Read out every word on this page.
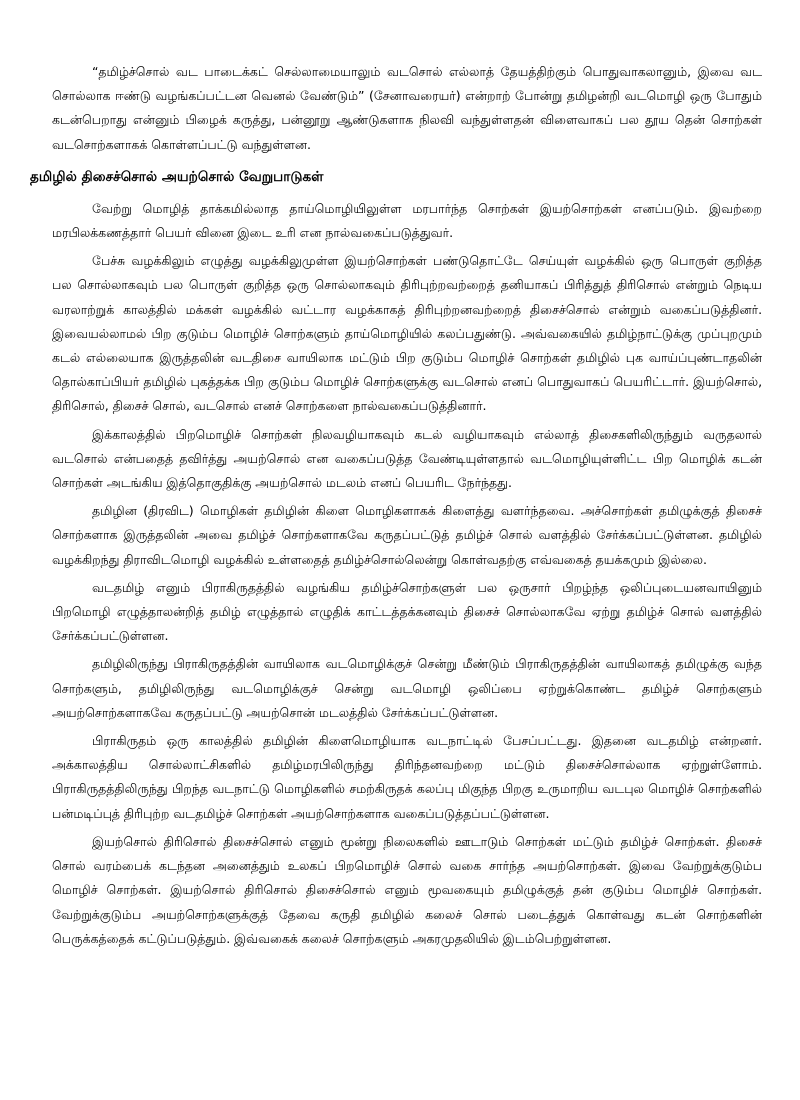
“தமிழ்ச்சொல் வட பாடைக்கட் செல்லாமையாலும் வடசொல் எல்லாத் தேயத்திற்கும் பொதுவாகலானும், இவை வட சொல்லாக ஈண்டு வழங்கப்பட்டன வெனல் வேண்டும்” (சேனாவரையர்) என்றாற் போன்று தமிழன்றி வடமொழி ஒரு போதும் கடன்பெறாது என்னும் பிழைக் கருத்து, பன்னூறு ஆண்டுகளாக நிலவி வந்துள்ளதன் விளைவாகப் பல தூய தென் சொற்கள் வடசொற்களாகக் கொள்ளப்பட்டு வந்துள்ளன.

தமிழில் திசைச்சொல் அயற்சொல் வேறுபாடுகள்

வேற்று மொழித் தாக்கமில்லாத தாய்மொழியிலுள்ள மரபார்ந்த சொற்கள் இயற்சொற்கள் எனப்படும். இவற்றை மரபிலக்கணத்தார் பெயர் வினை இடை உரி என நால்வகைப்படுத்துவர்.

பேச்சு வழக்கிலும் எழுத்து வழக்கிலுமுள்ள இயற்சொற்கள் பண்டுதொட்டே செய்யுள் வழக்கில் ஒரு பொருள் குறித்த பல சொல்லாகவும் பல பொருள் குறித்த ஒரு சொல்லாகவும் திரிபுற்றவற்றைத் தனியாகப் பிரித்துத் திரிசொல் என்றும் நெடிய வரலாற்றுக் காலத்தில் மக்கள் வழக்கில் வட்டார வழக்காகத் திரிபுற்றனவற்றைத் திசைச்சொல் என்றும் வகைப்படுத்தினர். இவையல்லாமல் பிற குடும்ப மொழிச் சொற்களும் தாய்மொழியில் கலப்பதுண்டு. அவ்வகையில் தமிழ்நாட்டுக்கு முப்புறமும் கடல் எல்லையாக இருத்தலின் வடதிசை வாயிலாக மட்டும் பிற குடும்ப மொழிச் சொற்கள் தமிழில் புக வாய்ப்புண்டாதலின் தொல்காப்பியர் தமிழில் புகத்தக்க பிற குடும்ப மொழிச் சொற்களுக்கு வடசொல் எனப் பொதுவாகப் பெயரிட்டார். இயற்சொல், திரிசொல், திசைச் சொல், வடசொல் எனச் சொற்களை நால்வகைப்படுத்தினார்.

இக்காலத்தில் பிறமொழிச் சொற்கள் நிலவழியாகவும் கடல் வழியாகவும் எல்லாத் திசைகளிலிருந்தும் வருதலால் வடசொல் என்பதைத் தவிர்த்து அயற்சொல் என வகைப்படுத்த வேண்டியுள்ளதால் வடமொழியுள்ளிட்ட பிற மொழிக் கடன் சொற்கள் அடங்கிய இத்தொகுதிக்கு அயற்சொல் மடலம் எனப் பெயரிட நேர்ந்தது.

தமிழின (திரவிட) மொழிகள் தமிழின் கிளை மொழிகளாகக் கிளைத்து வளர்ந்தவை. அச்சொற்கள் தமிழுக்குத் திசைச் சொற்களாக இருத்தலின் அவை தமிழ்ச் சொற்களாகவே கருதப்பட்டுத் தமிழ்ச் சொல் வளத்தில் சேர்க்கப்பட்டுள்ளன. தமிழில் வழக்கிறந்து திராவிடமொழி வழக்கில் உள்ளதைத் தமிழ்ச்சொல்லென்று கொள்வதற்கு எவ்வகைத் தயக்கமும் இல்லை.

வடதமிழ் எனும் பிராகிருதத்தில் வழங்கிய தமிழ்ச்சொற்களுள் பல ஒருசார் பிறழ்ந்த ஒலிப்புடையனவாயினும் பிறமொழி எழுத்தாலன்றித் தமிழ் எழுத்தால் எழுதிக் காட்டத்தக்கனவும் திசைச் சொல்லாகவே ஏற்று தமிழ்ச் சொல் வளத்தில் சேர்க்கப்பட்டுள்ளன.

தமிழிலிருந்து பிராகிருதத்தின் வாயிலாக வடமொழிக்குச் சென்று மீண்டும் பிராகிருதத்தின் வாயிலாகத் தமிழுக்கு வந்த சொற்களும், தமிழிலிருந்து வடமொழிக்குச் சென்று வடமொழி ஒலிப்பை ஏற்றுக்கொண்ட தமிழ்ச் சொற்களும் அயற்சொற்களாகவே கருதப்பட்டு அயற்சொன் மடலத்தில் சேர்க்கப்பட்டுள்ளன.

பிராகிருதம் ஒரு காலத்தில் தமிழின் கிளைமொழியாக வடநாட்டில் பேசப்பட்டது. இதனை வடதமிழ் என்றனர். அக்காலத்திய சொல்லாட்சிகளில் தமிழ்மரபிலிருந்து திரிந்தனவற்றை மட்டும் திசைச்சொல்லாக ஏற்றுள்ளோம். பிராகிருதத்திலிருந்து பிறந்த வடநாட்டு மொழிகளில் சமற்கிருதக் கலப்பு மிகுந்த பிறகு உருமாறிய வடபுல மொழிச் சொற்களில் பன்மடிப்புத் திரிபுற்ற வடதமிழ்ச் சொற்கள் அயற்சொற்களாக வகைப்படுத்தப்பட்டுள்ளன.

இயற்சொல் திரிசொல் திசைச்சொல் எனும் மூன்று நிலைகளில் ஊடாடும் சொற்கள் மட்டும் தமிழ்ச் சொற்கள். திசைச் சொல் வரம்பைக் கடந்தன அனைத்தும் உலகப் பிறமொழிச் சொல் வகை சார்ந்த அயற்சொற்கள். இவை வேற்றுக்குடும்ப மொழிச் சொற்கள். இயற்சொல் திரிசொல் திசைச்சொல் எனும் மூவகையும் தமிழுக்குத் தன் குடும்ப மொழிச் சொற்கள். வேற்றுக்குடும்ப அயற்சொற்களுக்குத் தேவை கருதி தமிழில் கலைச் சொல் படைத்துக் கொள்வது கடன் சொற்களின் பெருக்கத்தைக் கட்டுப்படுத்தும். இவ்வகைக் கலைச் சொற்களும் அகரமுதலியில் இடம்பெற்றுள்ளன.
